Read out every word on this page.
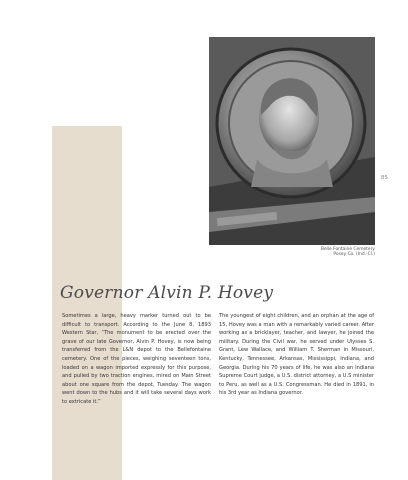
Belle Fontaine Cemetery
Posey Co. (Ind.-Cl.)
85
Governor Alvin P. Hovey
Sometimes a large, heavy marker turned out to be difficult to transport. According to the June 8, 1893 Western Star, “The monument to be erected over the grave of our late Governor, Alvin P. Hovey, is now being transferred from the L&N depot to the Bellefontaine cemetery. One of the pieces, weighing seventeen tons, loaded on a wagon imported expressly for this purpose, and pulled by two traction engines, mired on Main Street about one square from the depot, Tuesday. The wagon went down to the hubs and it will take several days work to extricate it.”
The youngest of eight children, and an orphan at the age of 15, Hovey was a man with a remarkably varied career. After working as a bricklayer, teacher, and lawyer, he joined the military. During the Civil war, he served under Ulysses S. Grant, Lew Wallace, and William T. Sherman in Missouri, Kentucky, Tennessee, Arkansas, Mississippi, Indiana, and Georgia. During his 70 years of life, he was also an Indiana Supreme Court judge, a U.S. district attorney, a U.S minister to Peru, as well as a U.S. Congressman. He died in 1891, in his 3rd year as Indiana governor.
